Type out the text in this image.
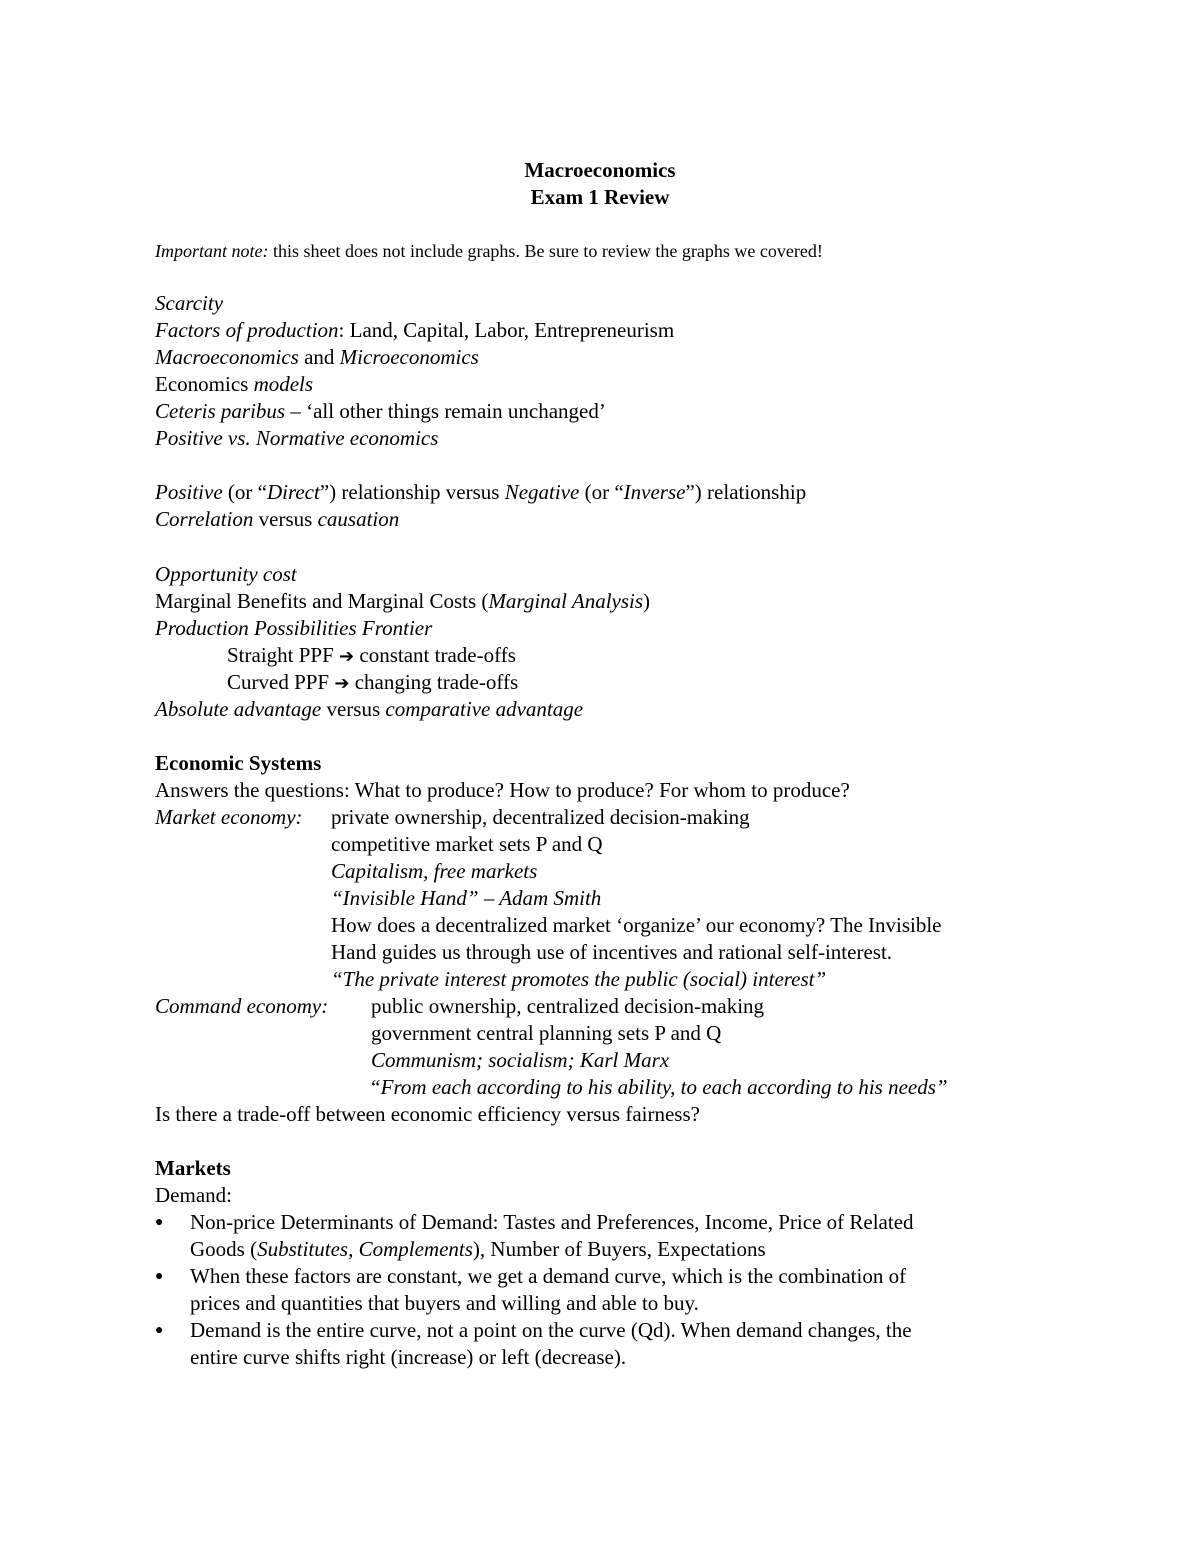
Macroeconomics
Exam 1 Review
Important note: this sheet does not include graphs. Be sure to review the graphs we covered!
Scarcity
Factors of production: Land, Capital, Labor, Entrepreneurism
Macroeconomics and Microeconomics
Economics models
Ceteris paribus – ‘all other things remain unchanged’
Positive vs. Normative economics
Positive (or “Direct”) relationship versus Negative (or “Inverse”) relationship
Correlation versus causation
Opportunity cost
Marginal Benefits and Marginal Costs (Marginal Analysis)
Production Possibilities Frontier
Straight PPF ➔ constant trade-offs
Curved PPF ➔ changing trade-offs
Absolute advantage versus comparative advantage
Economic Systems
Answers the questions: What to produce? How to produce? For whom to produce?
Market economy: private ownership, decentralized decision-making
competitive market sets P and Q
Capitalism, free markets
“Invisible Hand” – Adam Smith
How does a decentralized market ‘organize’ our economy? The Invisible
Hand guides us through use of incentives and rational self-interest.
“The private interest promotes the public (social) interest”
Command economy: public ownership, centralized decision-making
government central planning sets P and Q
Communism; socialism; Karl Marx
“From each according to his ability, to each according to his needs”
Is there a trade-off between economic efficiency versus fairness?
Markets
Demand:
● Non-price Determinants of Demand: Tastes and Preferences, Income, Price of Related
Goods (Substitutes, Complements), Number of Buyers, Expectations
● When these factors are constant, we get a demand curve, which is the combination of
prices and quantities that buyers and willing and able to buy.
● Demand is the entire curve, not a point on the curve (Qd). When demand changes, the
entire curve shifts right (increase) or left (decrease).
